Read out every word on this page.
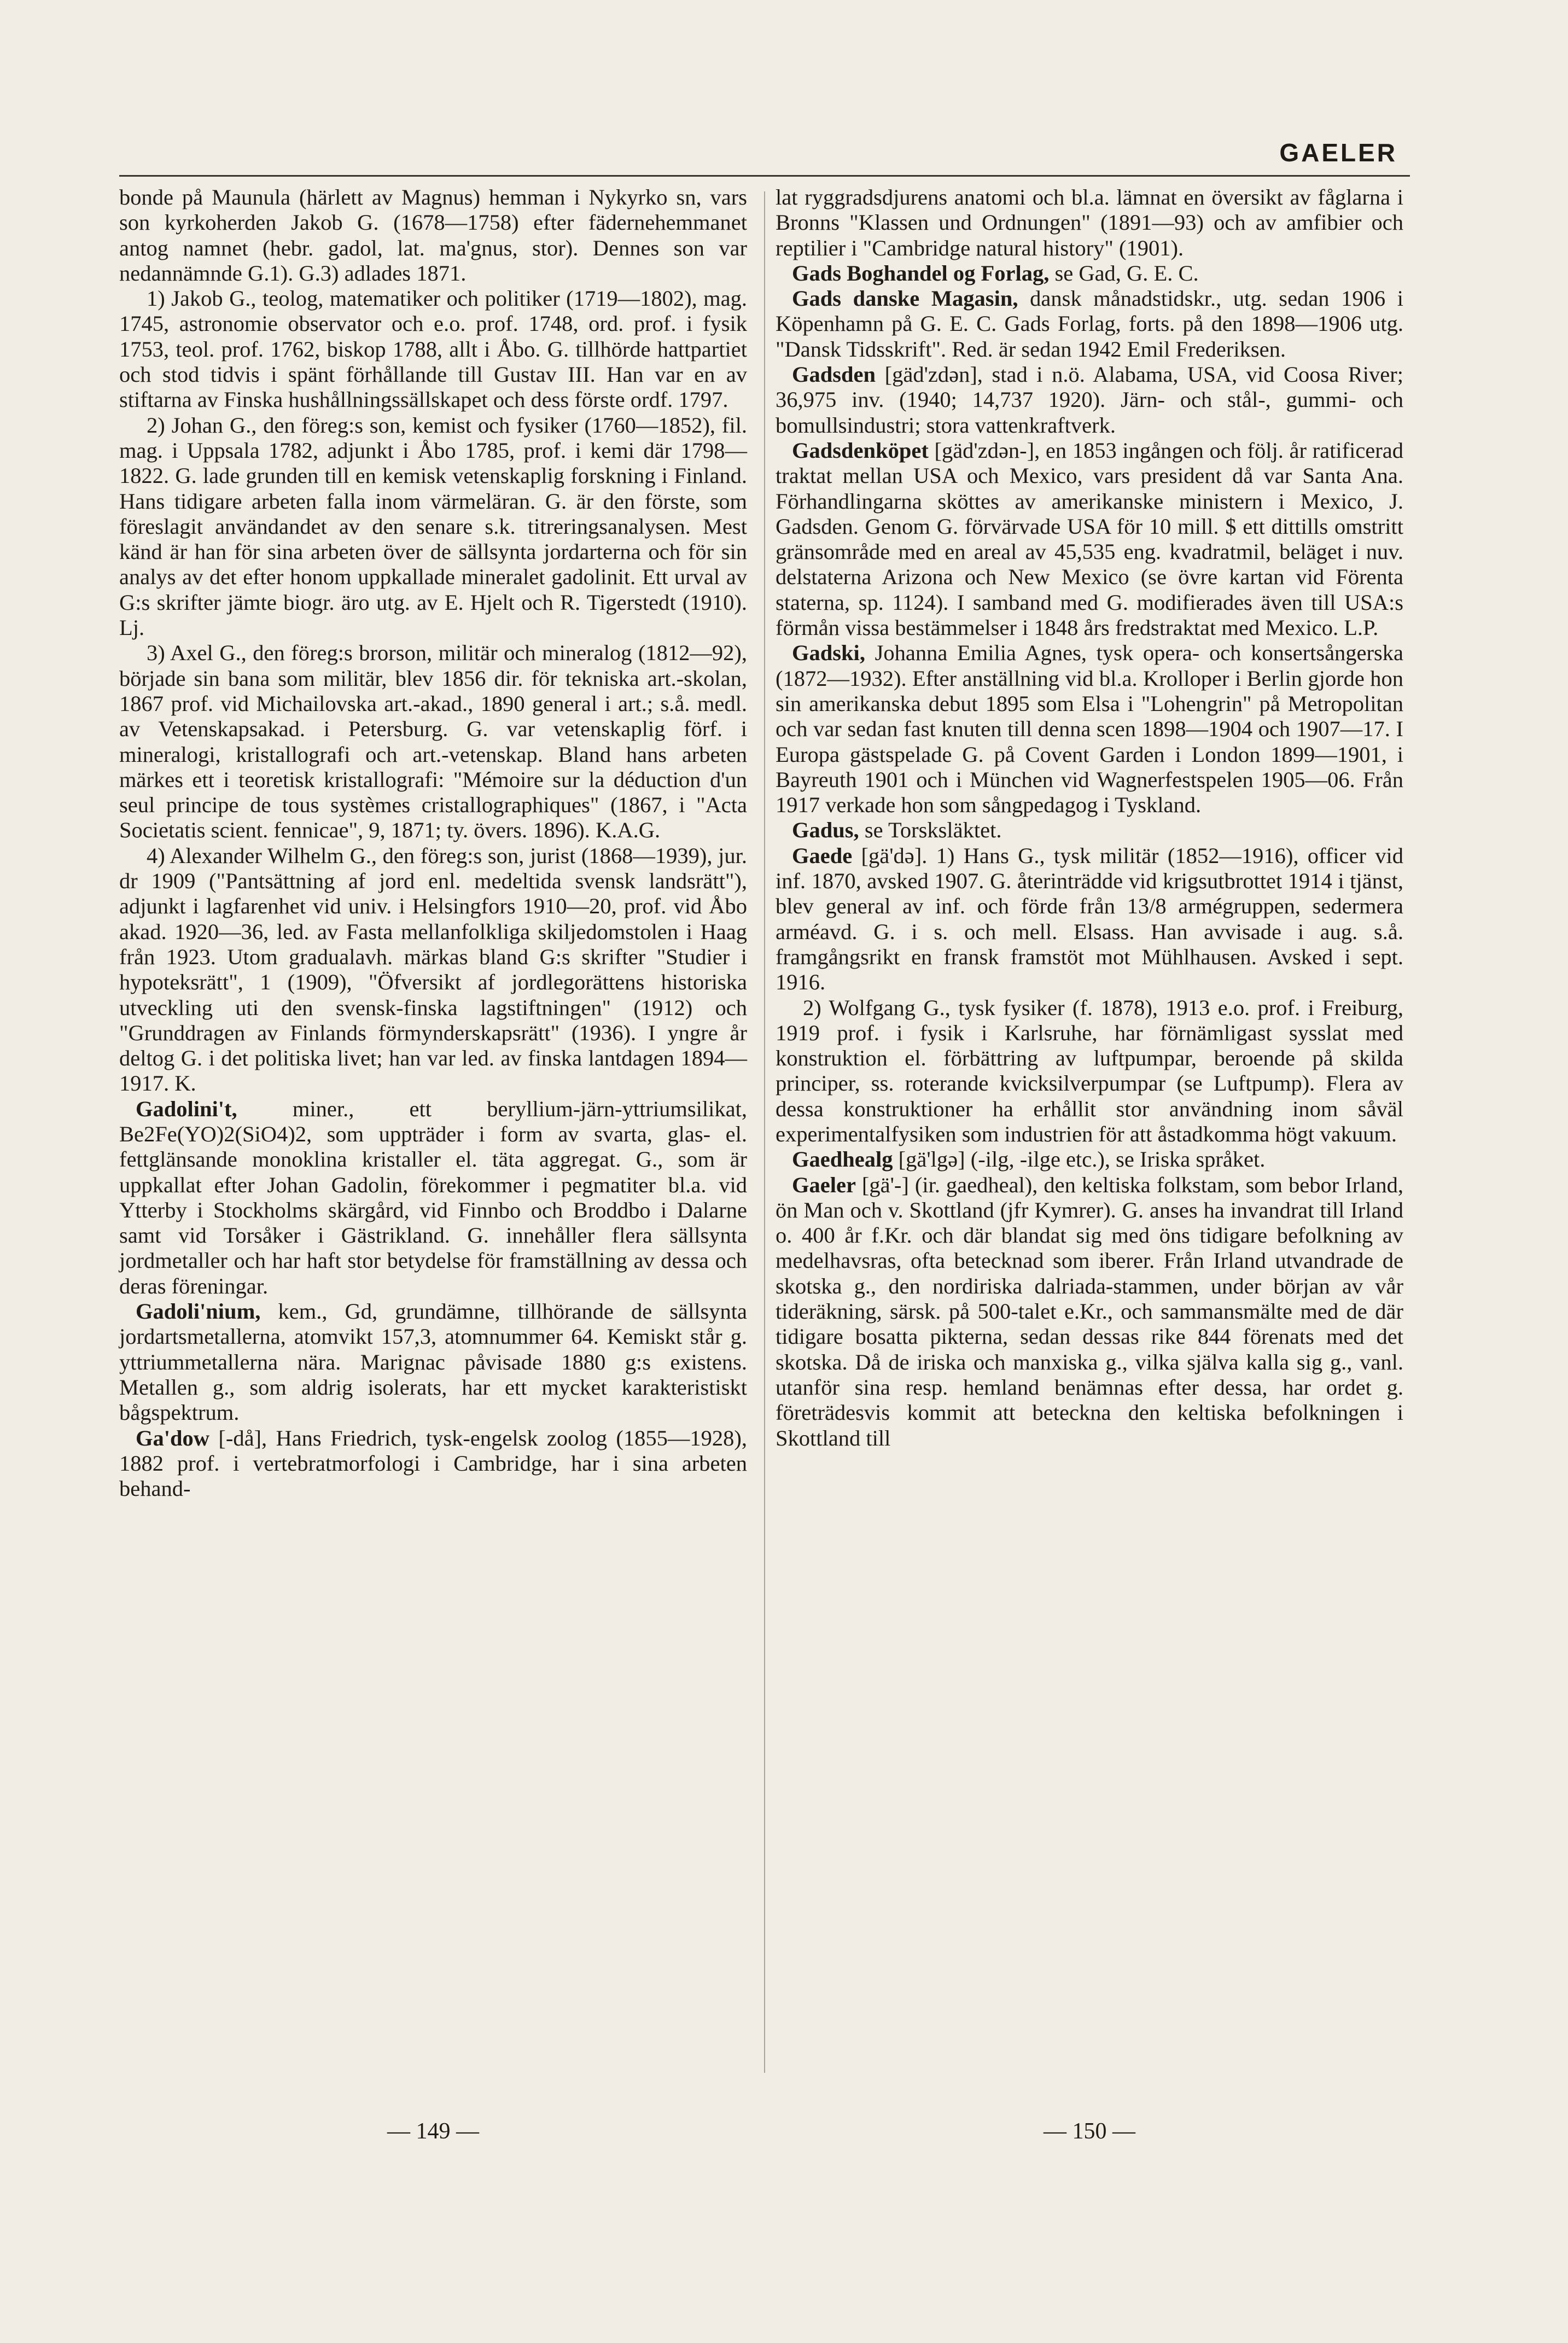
GAELER

bonde på Maunula (härlett av Magnus) hemman i Nykyrko sn, vars son kyrkoherden Jakob G. (1678—1758) efter fädernehemmanet antog namnet (hebr. gadol, lat. ma'gnus, stor). Dennes son var nedannämnde G.1). G.3) adlades 1871.

1) Jakob G., teolog, matematiker och politiker (1719—1802), mag. 1745, astronomie observator och e.o. prof. 1748, ord. prof. i fysik 1753, teol. prof. 1762, biskop 1788, allt i Åbo. G. tillhörde hattpartiet och stod tidvis i spänt förhållande till Gustav III. Han var en av stiftarna av Finska hushållningssällskapet och dess förste ordf. 1797.

2) Johan G., den föreg:s son, kemist och fysiker (1760—1852), fil. mag. i Uppsala 1782, adjunkt i Åbo 1785, prof. i kemi där 1798—1822. G. lade grunden till en kemisk vetenskaplig forskning i Finland. Hans tidigare arbeten falla inom värmeläran. G. är den förste, som föreslagit användandet av den senare s.k. titreringsanalysen. Mest känd är han för sina arbeten över de sällsynta jordarterna och för sin analys av det efter honom uppkallade mineralet gadolinit. Ett urval av G:s skrifter jämte biogr. äro utg. av E. Hjelt och R. Tigerstedt (1910). Lj.

3) Axel G., den föreg:s brorson, militär och mineralog (1812—92), började sin bana som militär, blev 1856 dir. för tekniska art.-skolan, 1867 prof. vid Michailovska art.-akad., 1890 general i art.; s.å. medl. av Vetenskapsakad. i Petersburg. G. var vetenskaplig förf. i mineralogi, kristallografi och art.-vetenskap. Bland hans arbeten märkes ett i teoretisk kristallografi: "Mémoire sur la déduction d'un seul principe de tous systèmes cristallographiques" (1867, i "Acta Societatis scient. fennicae", 9, 1871; ty. övers. 1896). K.A.G.

4) Alexander Wilhelm G., den föreg:s son, jurist (1868—1939), jur. dr 1909 ("Pantsättning af jord enl. medeltida svensk landsrätt"), adjunkt i lagfarenhet vid univ. i Helsingfors 1910—20, prof. vid Åbo akad. 1920—36, led. av Fasta mellanfolkliga skiljedomstolen i Haag från 1923. Utom gradualavh. märkas bland G:s skrifter "Studier i hypoteksrätt", 1 (1909), "Öfversikt af jordlegorättens historiska utveckling uti den svensk-finska lagstiftningen" (1912) och "Grunddragen av Finlands förmynderskapsrätt" (1936). I yngre år deltog G. i det politiska livet; han var led. av finska lantdagen 1894—1917. K.

Gadolini't, miner., ett beryllium-järn-yttriumsilikat, Be2Fe(YO)2(SiO4)2, som uppträder i form av svarta, glas- el. fettglänsande monoklina kristaller el. täta aggregat. G., som är uppkallat efter Johan Gadolin, förekommer i pegmatiter bl.a. vid Ytterby i Stockholms skärgård, vid Finnbo och Broddbo i Dalarne samt vid Torsåker i Gästrikland. G. innehåller flera sällsynta jordmetaller och har haft stor betydelse för framställning av dessa och deras föreningar.

Gadoli'nium, kem., Gd, grundämne, tillhörande de sällsynta jordartsmetallerna, atomvikt 157,3, atomnummer 64. Kemiskt står g. yttriummetallerna nära. Marignac påvisade 1880 g:s existens. Metallen g., som aldrig isolerats, har ett mycket karakteristiskt bågspektrum.

Ga'dow [-då], Hans Friedrich, tysk-engelsk zoolog (1855—1928), 1882 prof. i vertebratmorfologi i Cambridge, har i sina arbeten behand-

lat ryggradsdjurens anatomi och bl.a. lämnat en översikt av fåglarna i Bronns "Klassen und Ordnungen" (1891—93) och av amfibier och reptilier i "Cambridge natural history" (1901).

Gads Boghandel og Forlag, se Gad, G. E. C.

Gads danske Magasin, dansk månadstidskr., utg. sedan 1906 i Köpenhamn på G. E. C. Gads Forlag, forts. på den 1898—1906 utg. "Dansk Tidsskrift". Red. är sedan 1942 Emil Frederiksen.

Gadsden [gäd'zdən], stad i n.ö. Alabama, USA, vid Coosa River; 36,975 inv. (1940; 14,737 1920). Järn- och stål-, gummi- och bomullsindustri; stora vattenkraftverk.

Gadsdenköpet [gäd'zdən-], en 1853 ingången och följ. år ratificerad traktat mellan USA och Mexico, vars president då var Santa Ana. Förhandlingarna sköttes av amerikanske ministern i Mexico, J. Gadsden. Genom G. förvärvade USA för 10 mill. $ ett dittills omstritt gränsområde med en areal av 45,535 eng. kvadratmil, beläget i nuv. delstaterna Arizona och New Mexico (se övre kartan vid Förenta staterna, sp. 1124). I samband med G. modifierades även till USA:s förmån vissa bestämmelser i 1848 års fredstraktat med Mexico. L.P.

Gadski, Johanna Emilia Agnes, tysk opera- och konsertsångerska (1872—1932). Efter anställning vid bl.a. Krolloper i Berlin gjorde hon sin amerikanska debut 1895 som Elsa i "Lohengrin" på Metropolitan och var sedan fast knuten till denna scen 1898—1904 och 1907—17. I Europa gästspelade G. på Covent Garden i London 1899—1901, i Bayreuth 1901 och i München vid Wagnerfestspelen 1905—06. Från 1917 verkade hon som sångpedagog i Tyskland.

Gadus, se Torsksläktet.

Gaede [gä'də]. 1) Hans G., tysk militär (1852—1916), officer vid inf. 1870, avsked 1907. G. återinträdde vid krigsutbrottet 1914 i tjänst, blev general av inf. och förde från 13/8 armégruppen, sedermera arméavd. G. i s. och mell. Elsass. Han avvisade i aug. s.å. framgångsrikt en fransk framstöt mot Mühlhausen. Avsked i sept. 1916.

2) Wolfgang G., tysk fysiker (f. 1878), 1913 e.o. prof. i Freiburg, 1919 prof. i fysik i Karlsruhe, har förnämligast sysslat med konstruktion el. förbättring av luftpumpar, beroende på skilda principer, ss. roterande kvicksilverpumpar (se Luftpump). Flera av dessa konstruktioner ha erhållit stor användning inom såväl experimentalfysiken som industrien för att åstadkomma högt vakuum.

Gaedhealg [gä'lgə] (-ilg, -ilge etc.), se Iriska språket.

Gaeler [gä'-] (ir. gaedheal), den keltiska folkstam, som bebor Irland, ön Man och v. Skottland (jfr Kymrer). G. anses ha invandrat till Irland o. 400 år f.Kr. och där blandat sig med öns tidigare befolkning av medelhavsras, ofta betecknad som iberer. Från Irland utvandrade de skotska g., den nordiriska dalriada-stammen, under början av vår tideräkning, särsk. på 500-talet e.Kr., och sammansmälte med de där tidigare bosatta pikterna, sedan dessas rike 844 förenats med det skotska. Då de iriska och manxiska g., vilka själva kalla sig g., vanl. utanför sina resp. hemland benämnas efter dessa, har ordet g. företrädesvis kommit att beteckna den keltiska befolkningen i Skottland till

— 149 —	— 150 —
